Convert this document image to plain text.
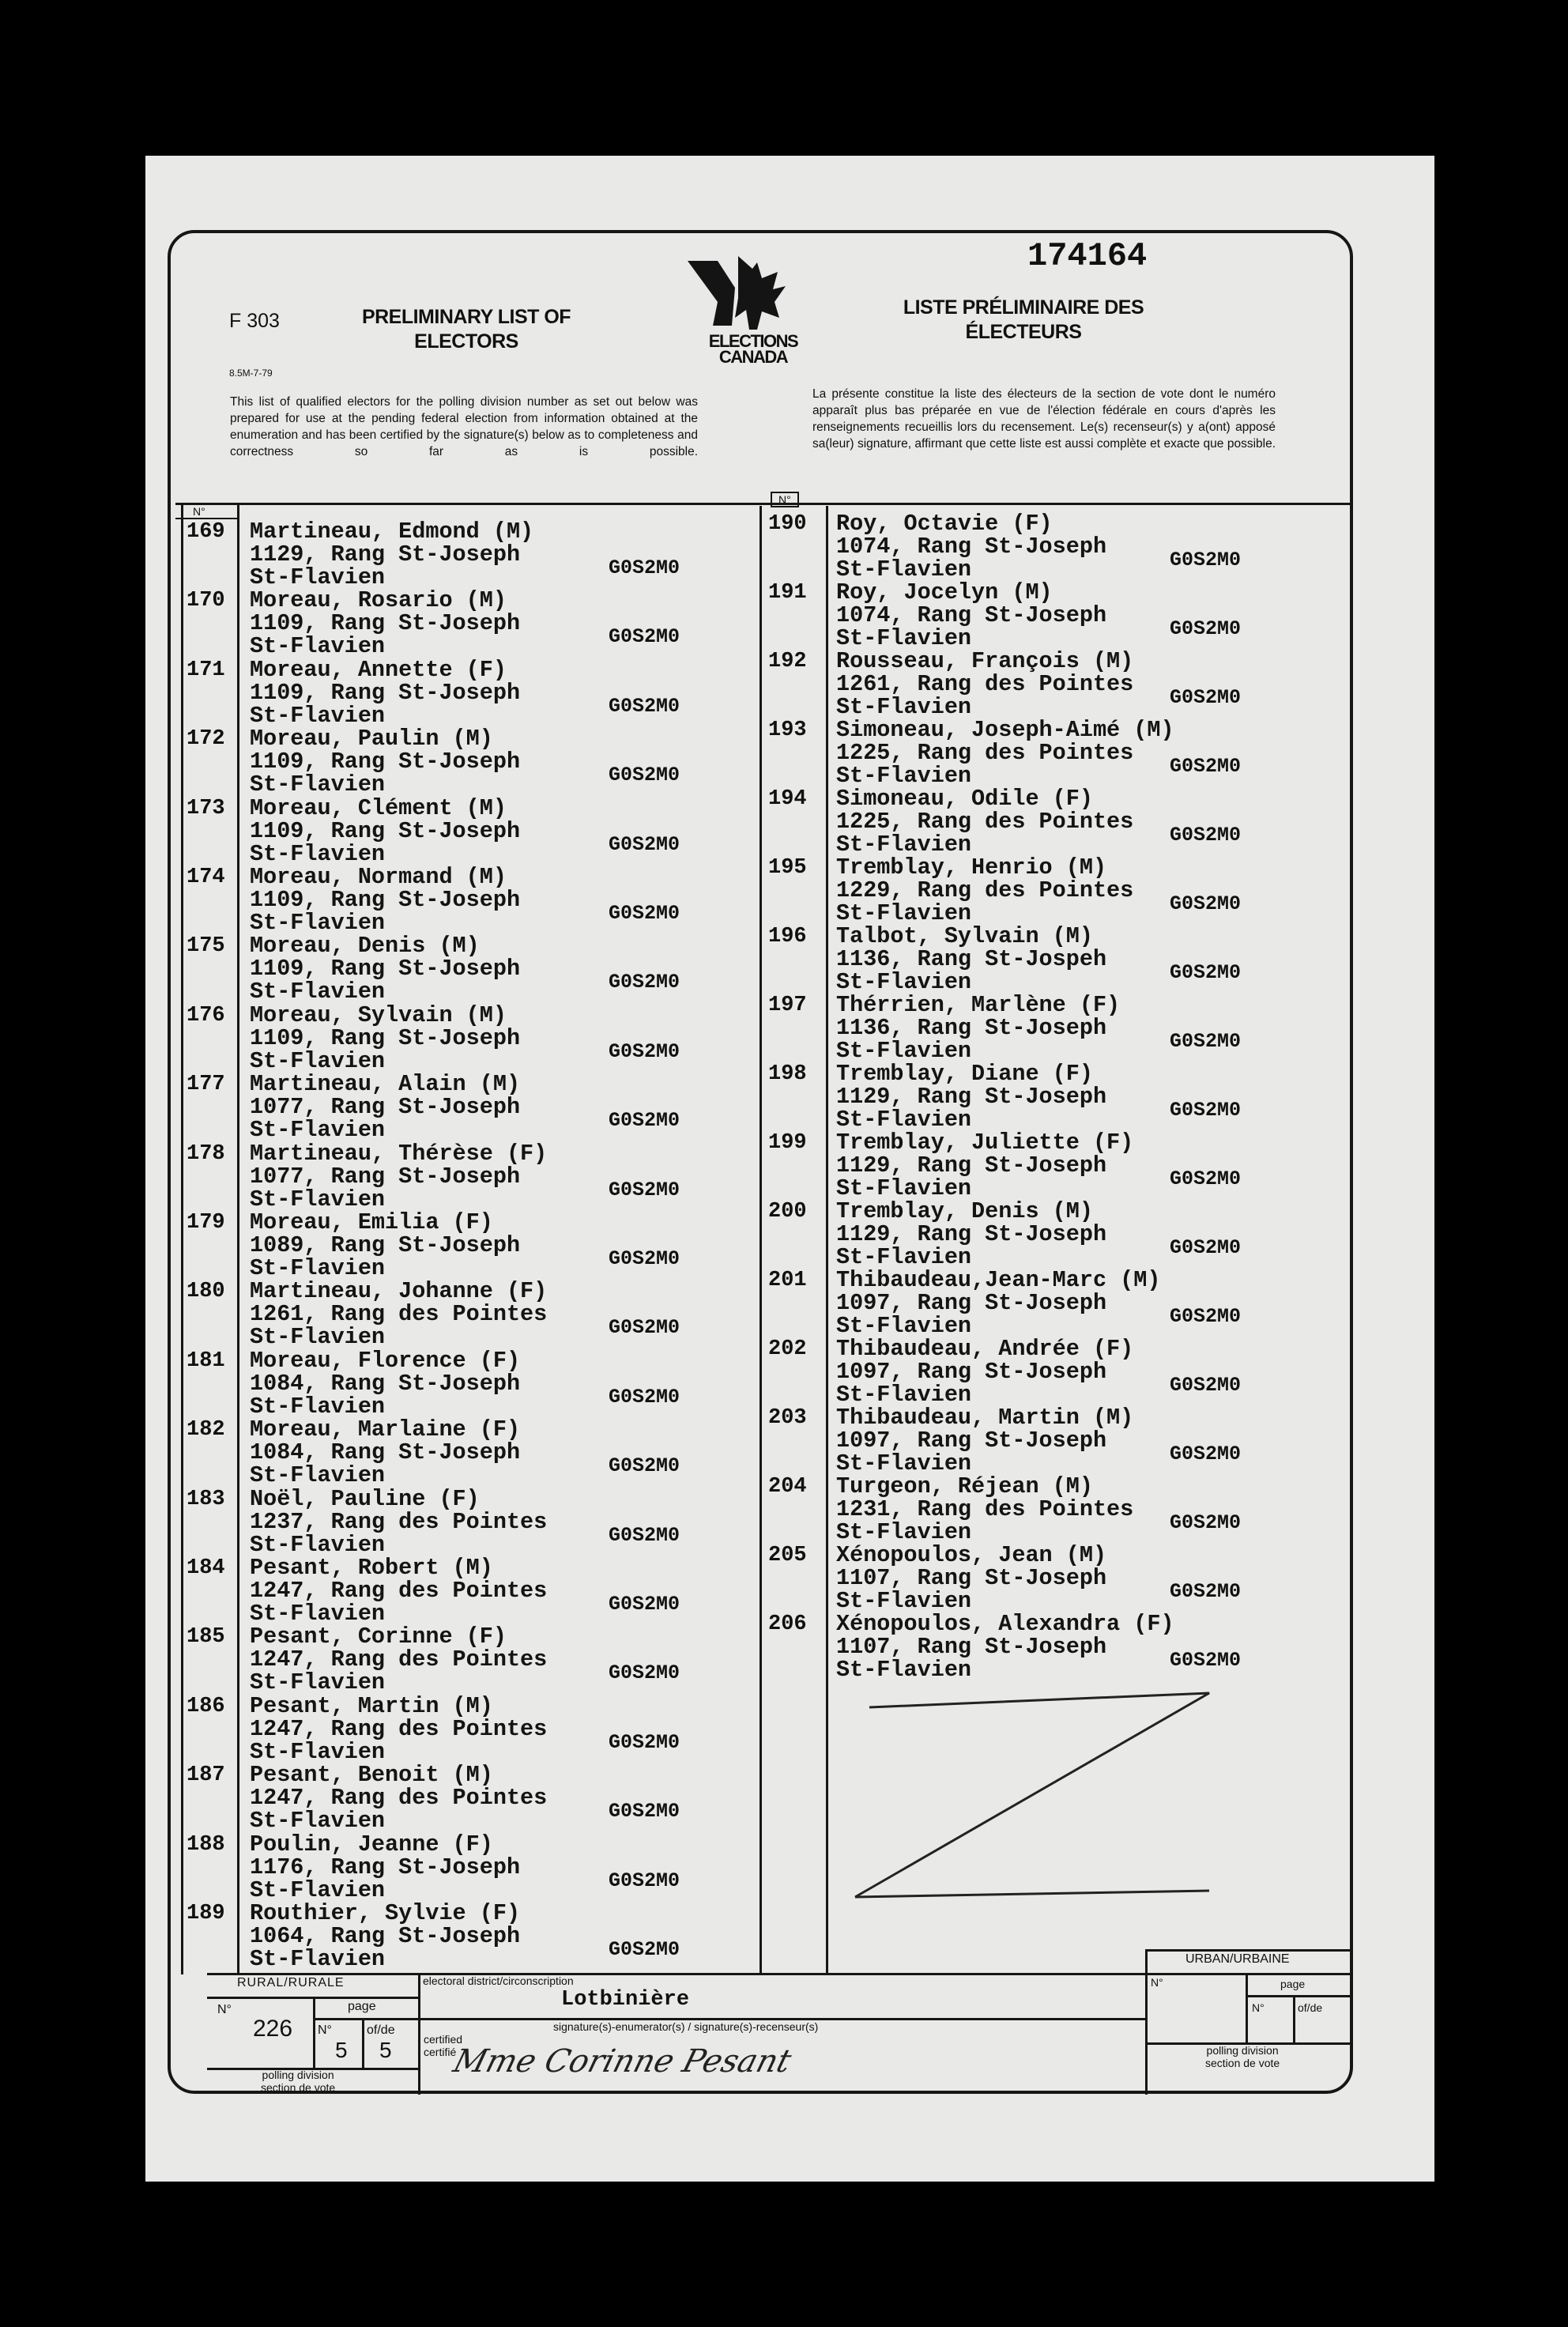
F 303
8.5M-7-79
PRELIMINARY LIST OF
ELECTORS	ELECTIONS
CANADA
174164
LISTE PRÉLIMINAIRE DES
ÉLECTEURS
This list of qualified electors for the polling division number as set out below was prepared for use at the pending federal election from information obtained at the enumeration and has been certified by the signature(s) below as to completeness and correctness so far as is possible.
La présente constitue la liste des électeurs de la section de vote dont le numéro apparaît plus bas préparée en vue de l'élection fédérale en cours d'après les renseignements recueillis lors du recensement. Le(s) recenseur(s) y a(ont) apposé sa(leur) signature, affirmant que cette liste est aussi complète et exacte que possible.
N°
N°
169 Martineau, Edmond (M)
1129, Rang St-Joseph
St-Flavien	G0S2M0
170 Moreau, Rosario (M)
1109, Rang St-Joseph
St-Flavien	G0S2M0
171 Moreau, Annette (F)
1109, Rang St-Joseph
St-Flavien	G0S2M0
172 Moreau, Paulin (M)
1109, Rang St-Joseph
St-Flavien	G0S2M0
173 Moreau, Clément (M)
1109, Rang St-Joseph
St-Flavien	G0S2M0
174 Moreau, Normand (M)
1109, Rang St-Joseph
St-Flavien	G0S2M0
175 Moreau, Denis (M)
1109, Rang St-Joseph
St-Flavien	G0S2M0
176 Moreau, Sylvain (M)
1109, Rang St-Joseph
St-Flavien	G0S2M0
177 Martineau, Alain (M)
1077, Rang St-Joseph
St-Flavien	G0S2M0
178 Martineau, Thérèse (F)
1077, Rang St-Joseph
St-Flavien	G0S2M0
179 Moreau, Emilia (F)
1089, Rang St-Joseph
St-Flavien	G0S2M0
180 Martineau, Johanne (F)
1261, Rang des Pointes
St-Flavien	G0S2M0
181 Moreau, Florence (F)
1084, Rang St-Joseph
St-Flavien	G0S2M0
182 Moreau, Marlaine (F)
1084, Rang St-Joseph
St-Flavien	G0S2M0
183 Noël, Pauline (F)
1237, Rang des Pointes
St-Flavien	G0S2M0
184 Pesant, Robert (M)
1247, Rang des Pointes
St-Flavien	G0S2M0
185 Pesant, Corinne (F)
1247, Rang des Pointes
St-Flavien	G0S2M0
186 Pesant, Martin (M)
1247, Rang des Pointes
St-Flavien	G0S2M0
187 Pesant, Benoit (M)
1247, Rang des Pointes
St-Flavien	G0S2M0
188 Poulin, Jeanne (F)
1176, Rang St-Joseph
St-Flavien	G0S2M0
189 Routhier, Sylvie (F)
1064, Rang St-Joseph
St-Flavien	G0S2M0
190 Roy, Octavie (F)
1074, Rang St-Joseph
St-Flavien	G0S2M0
191 Roy, Jocelyn (M)
1074, Rang St-Joseph
St-Flavien	G0S2M0
192 Rousseau, François (M)
1261, Rang des Pointes
St-Flavien	G0S2M0
193 Simoneau, Joseph-Aimé (M)
1225, Rang des Pointes
St-Flavien	G0S2M0
194 Simoneau, Odile (F)
1225, Rang des Pointes
St-Flavien	G0S2M0
195 Tremblay, Henrio (M)
1229, Rang des Pointes
St-Flavien	G0S2M0
196 Talbot, Sylvain (M)
1136, Rang St-Jospeh
St-Flavien	G0S2M0
197 Thérrien, Marlène (F)
1136, Rang St-Joseph
St-Flavien	G0S2M0
198 Tremblay, Diane (F)
1129, Rang St-Joseph
St-Flavien	G0S2M0
199 Tremblay, Juliette (F)
1129, Rang St-Joseph
St-Flavien	G0S2M0
200 Tremblay, Denis (M)
1129, Rang St-Joseph
St-Flavien	G0S2M0
201 Thibaudeau,Jean-Marc (M)
1097, Rang St-Joseph
St-Flavien	G0S2M0
202 Thibaudeau, Andrée (F)
1097, Rang St-Joseph
St-Flavien	G0S2M0
203 Thibaudeau, Martin (M)
1097, Rang St-Joseph
St-Flavien	G0S2M0
204 Turgeon, Réjean (M)
1231, Rang des Pointes
St-Flavien	G0S2M0
205 Xénopoulos, Jean (M)
1107, Rang St-Joseph
St-Flavien	G0S2M0
206 Xénopoulos, Alexandra (F)
1107, Rang St-Joseph
St-Flavien	G0S2M0
RURAL/RURALE
N°	page
226 N°	of/de
5 5
polling division
section de vote
electoral district/circonscription
Lotbinière
signature(s)-enumerator(s) / signature(s)-recenseur(s)
certified
certifié
Mme Corinne Pesant
URBAN/URBAINE
N°	page
N°	of/de
polling division
section de vote
